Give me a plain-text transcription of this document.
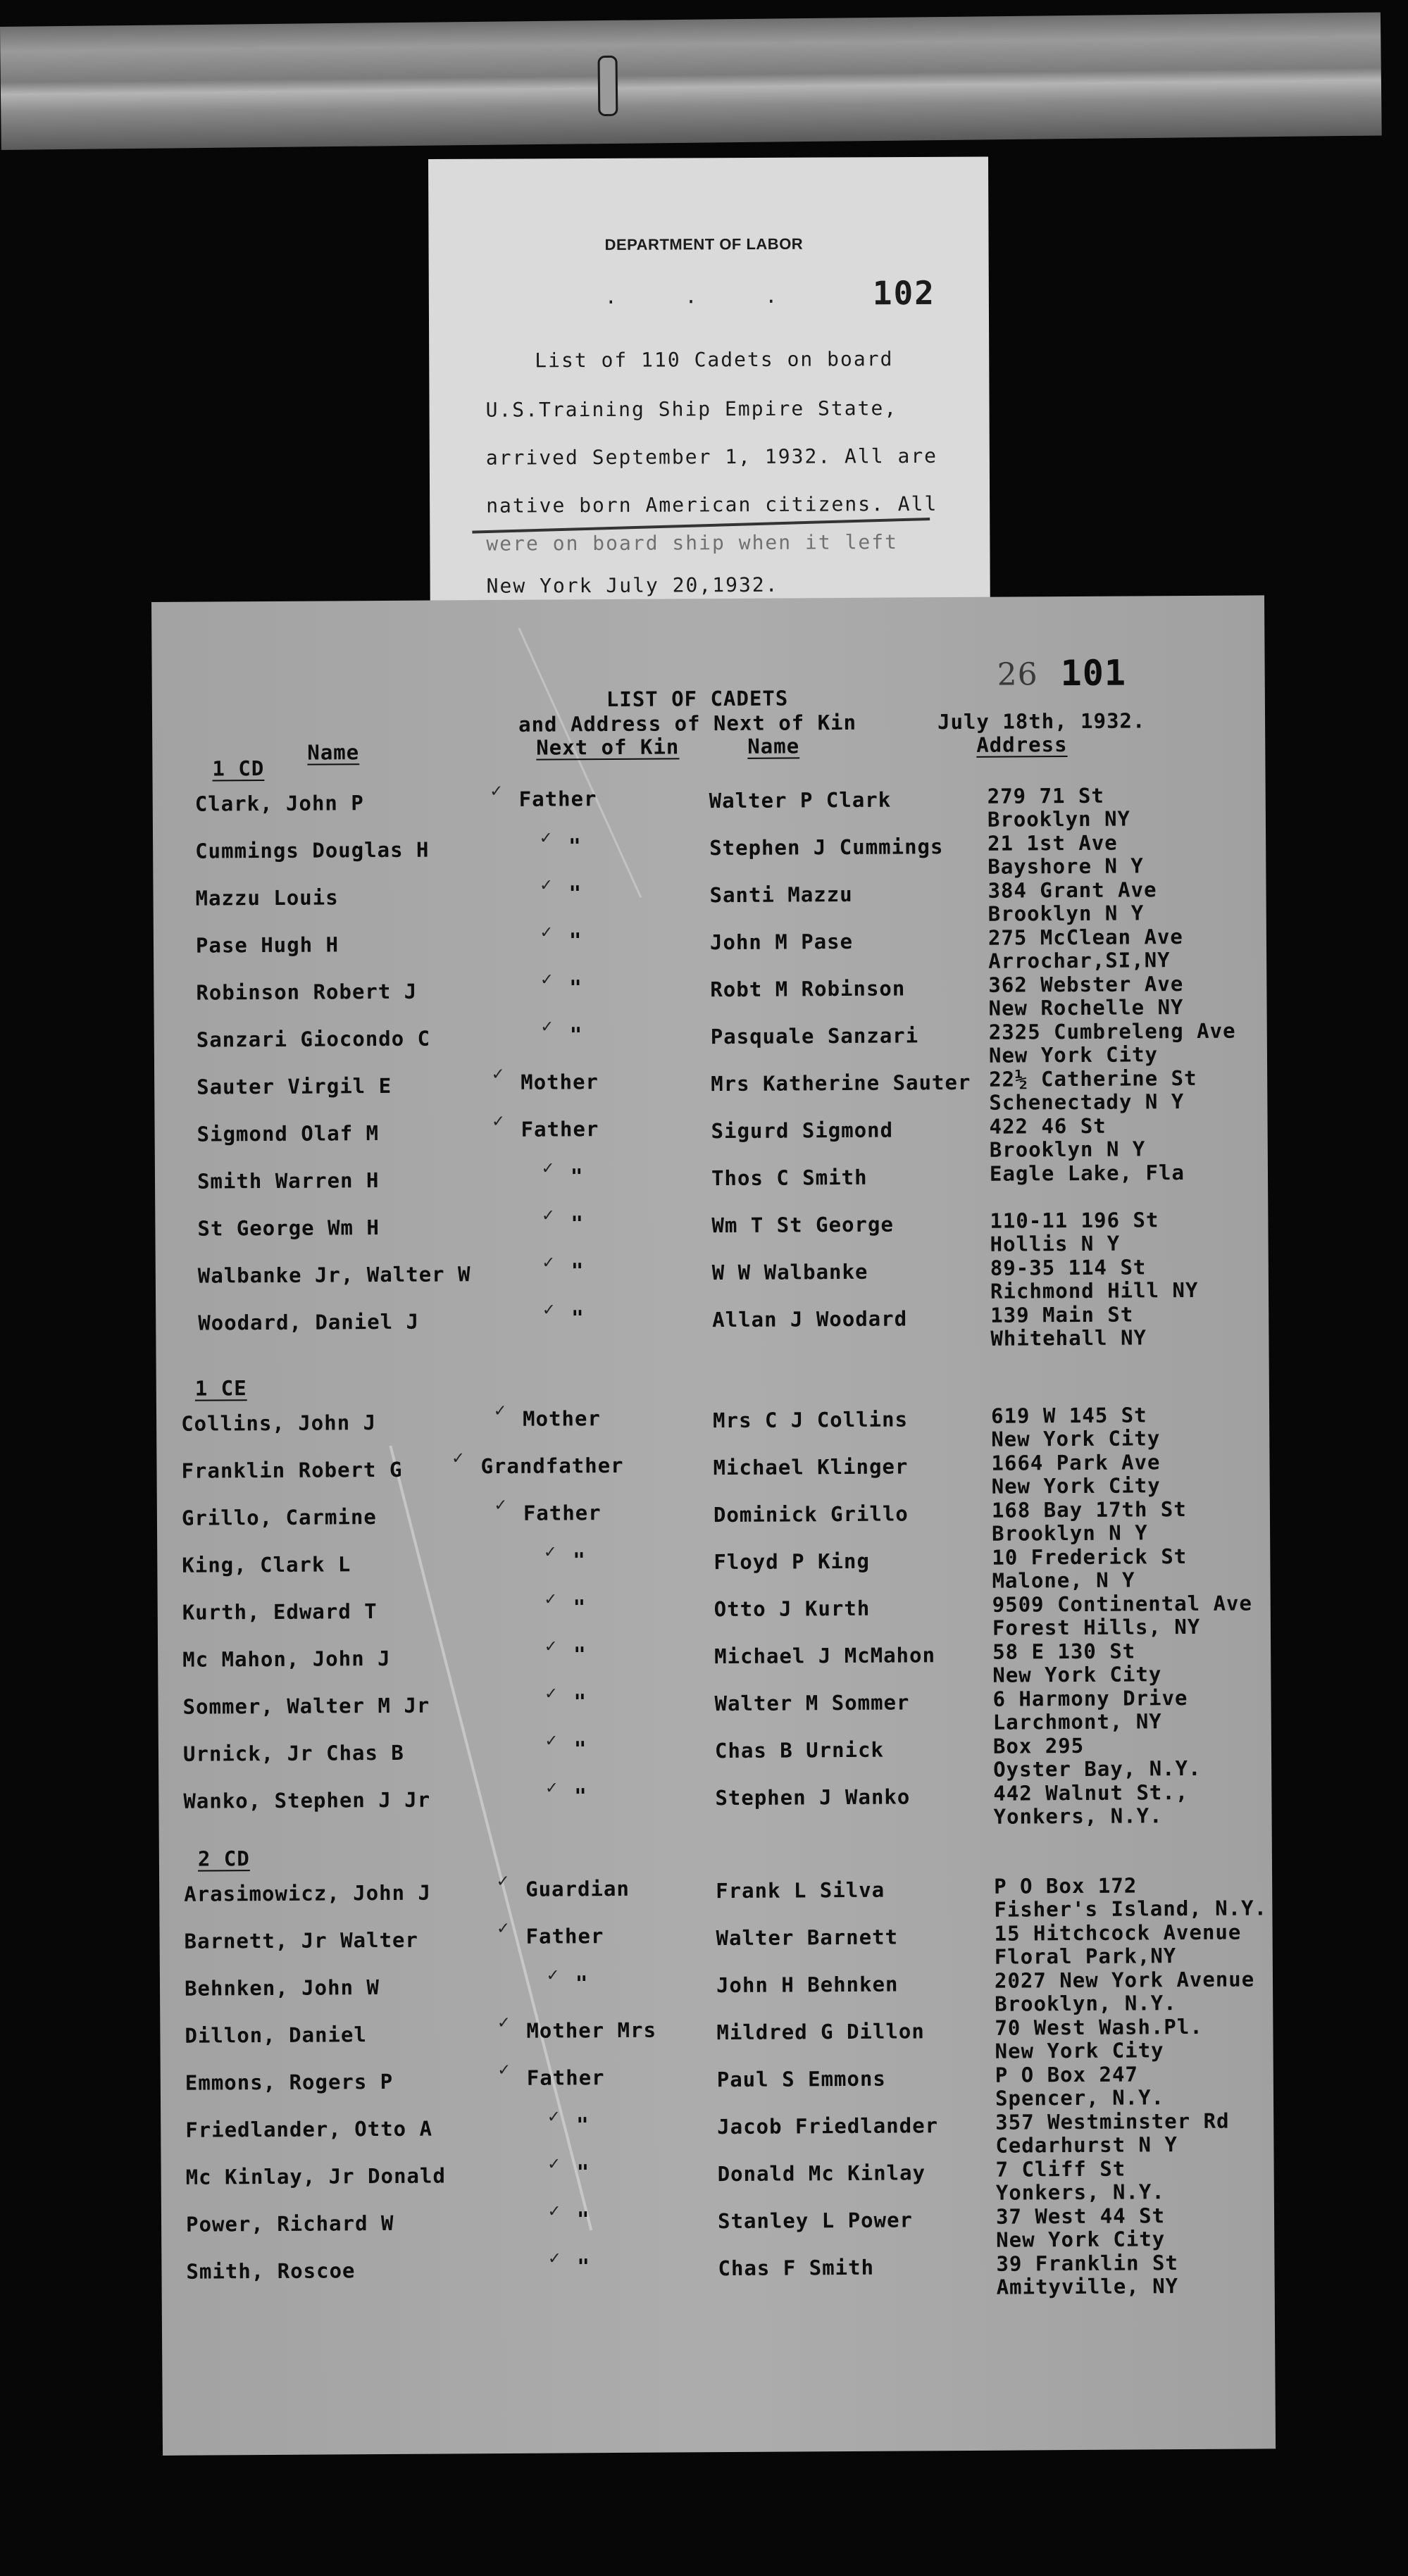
DEPARTMENT OF LABOR
. . . 102
List of 110 Cadets on board
U.S.Training Ship Empire State,
arrived September 1, 1932. All are
native born American citizens. All
were on board ship when it left
New York July 20,1932.
26 101
LIST OF CADETS
and Address of Next of Kin	July 18th, 1932.
Name	Next of Kin	Name	Address
1 CD
Clark, John P	Father	Walter P Clark	279 71 St
Brooklyn NY
✓
Cummings Douglas H	"	Stephen J Cummings 21 1st Ave
Bayshore N Y
✓
Mazzu Louis	"	Santi Mazzu	384 Grant Ave
Brooklyn N Y
✓
Pase Hugh H	"	John M Pase	275 McClean Ave
Arrochar,SI,NY
✓
Robinson Robert J	"	Robt M Robinson	362 Webster Ave
New Rochelle NY
✓
Sanzari Giocondo C	"	Pasquale Sanzari	2325 Cumbreleng Ave
New York City
✓
Sauter Virgil E	Mother	Mrs Katherine Sauter 22½ Catherine St
Schenectady N Y
✓
Sigmond Olaf M	Father	Sigurd Sigmond	422 46 St
Brooklyn N Y
✓
Smith Warren H	"	Thos C Smith	Eagle Lake, Fla
✓
St George Wm H	"	Wm T St George	110-11 196 St
Hollis N Y
✓
Walbanke Jr, Walter W	"	W W Walbanke	89-35 114 St
Richmond Hill NY
✓
Woodard, Daniel J	"	Allan J Woodard	139 Main St
Whitehall NY
✓
1 CE
Collins, John J	Mother	Mrs C J Collins	619 W 145 St
New York City
✓
Franklin Robert G	Grandfather	Michael Klinger	1664 Park Ave
New York City
✓
Grillo, Carmine	Father	Dominick Grillo	168 Bay 17th St
Brooklyn N Y
✓
King, Clark L	"	Floyd P King	10 Frederick St
Malone, N Y
✓
Kurth, Edward T	"	Otto J Kurth	9509 Continental Ave
Forest Hills, NY
✓
Mc Mahon, John J	"	Michael J McMahon	58 E 130 St
New York City
✓
Sommer, Walter M Jr	"	Walter M Sommer	6 Harmony Drive
Larchmont, NY
✓
Urnick, Jr Chas B	"	Chas B Urnick	Box 295
Oyster Bay, N.Y.
✓
Wanko, Stephen J Jr	"	Stephen J Wanko	442 Walnut St.,
Yonkers, N.Y.
✓
2 CD
Arasimowicz, John J	Guardian	Frank L Silva	P O Box 172
Fisher's Island, N.Y.
✓
Barnett, Jr Walter	Father	Walter Barnett	15 Hitchcock Avenue
Floral Park,NY
✓
Behnken, John W	"	John H Behnken	2027 New York Avenue
Brooklyn, N.Y.
✓
Dillon, Daniel	Mother Mrs	Mildred G Dillon	70 West Wash.Pl.
New York City
✓
Emmons, Rogers P	Father	Paul S Emmons	P O Box 247
Spencer, N.Y.
✓
Friedlander, Otto A	"	Jacob Friedlander	357 Westminster Rd
Cedarhurst N Y
✓
Mc Kinlay, Jr Donald	"	Donald Mc Kinlay	7 Cliff St
Yonkers, N.Y.
✓
Power, Richard W	"	Stanley L Power	37 West 44 St
New York City
✓
Smith, Roscoe	"	Chas F Smith	39 Franklin St
Amityville, NY
✓
